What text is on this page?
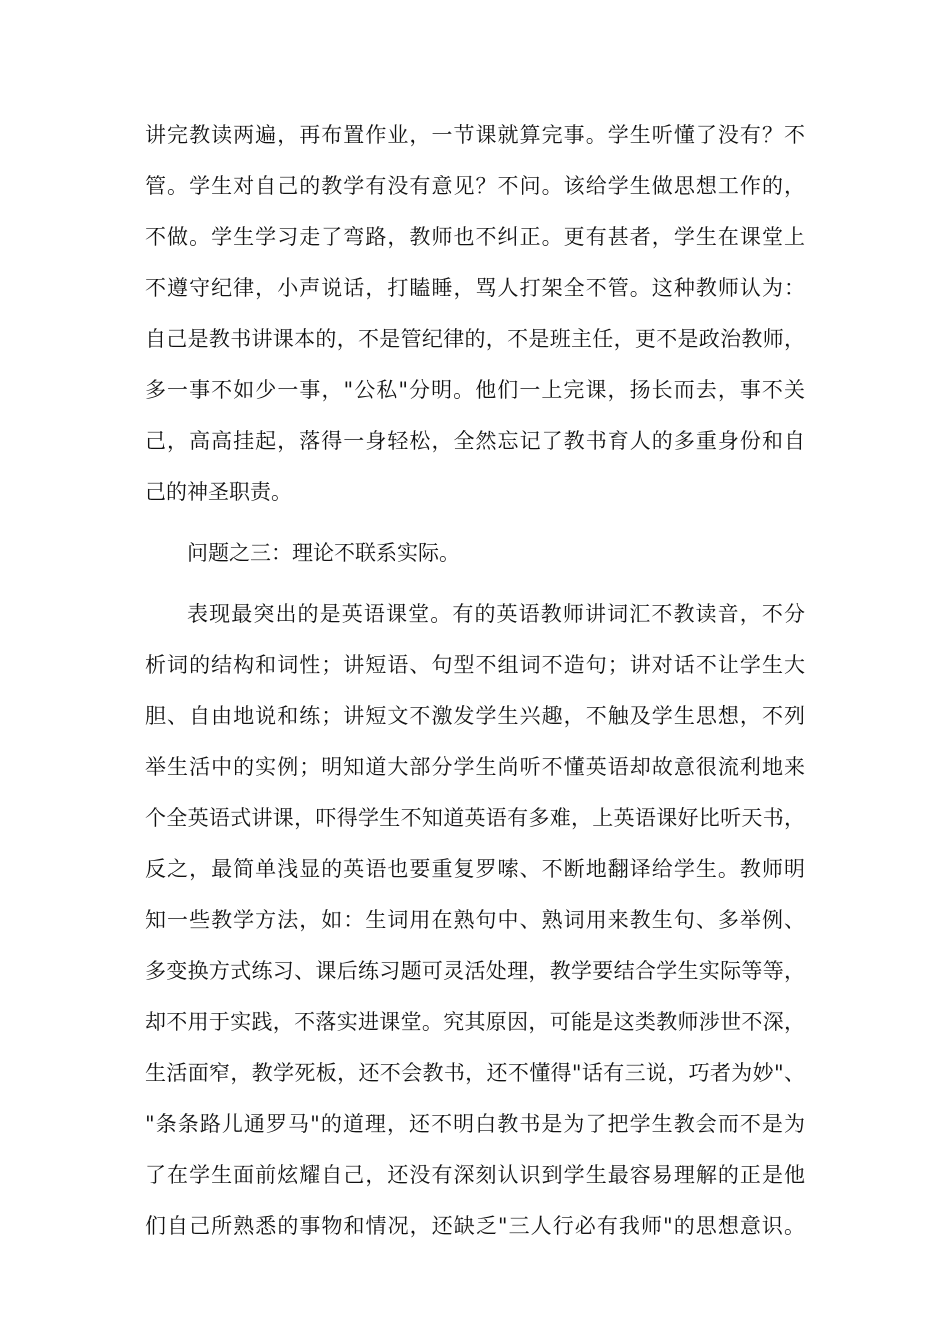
讲完教读两遍，再布置作业，一节课就算完事。学生听懂了没有？不
管。学生对自己的教学有没有意见？不问。该给学生做思想工作的，
不做。学生学习走了弯路，教师也不纠正。更有甚者，学生在课堂上
不遵守纪律，小声说话，打瞌睡，骂人打架全不管。这种教师认为：
自己是教书讲课本的，不是管纪律的，不是班主任，更不是政治教师，
多一事不如少一事，"公私"分明。他们一上完课，扬长而去，事不关
己，高高挂起，落得一身轻松，全然忘记了教书育人的多重身份和自
己的神圣职责。
问题之三：理论不联系实际。
表现最突出的是英语课堂。有的英语教师讲词汇不教读音，不分
析词的结构和词性；讲短语、句型不组词不造句；讲对话不让学生大
胆、自由地说和练；讲短文不激发学生兴趣，不触及学生思想，不列
举生活中的实例；明知道大部分学生尚听不懂英语却故意很流利地来
个全英语式讲课，吓得学生不知道英语有多难，上英语课好比听天书，
反之，最简单浅显的英语也要重复罗嗦、不断地翻译给学生。教师明
知一些教学方法，如：生词用在熟句中、熟词用来教生句、多举例、
多变换方式练习、课后练习题可灵活处理，教学要结合学生实际等等，
却不用于实践，不落实进课堂。究其原因，可能是这类教师涉世不深，
生活面窄，教学死板，还不会教书，还不懂得"话有三说，巧者为妙"、
"条条路儿通罗马"的道理，还不明白教书是为了把学生教会而不是为
了在学生面前炫耀自己，还没有深刻认识到学生最容易理解的正是他
们自己所熟悉的事物和情况，还缺乏"三人行必有我师"的思想意识。
